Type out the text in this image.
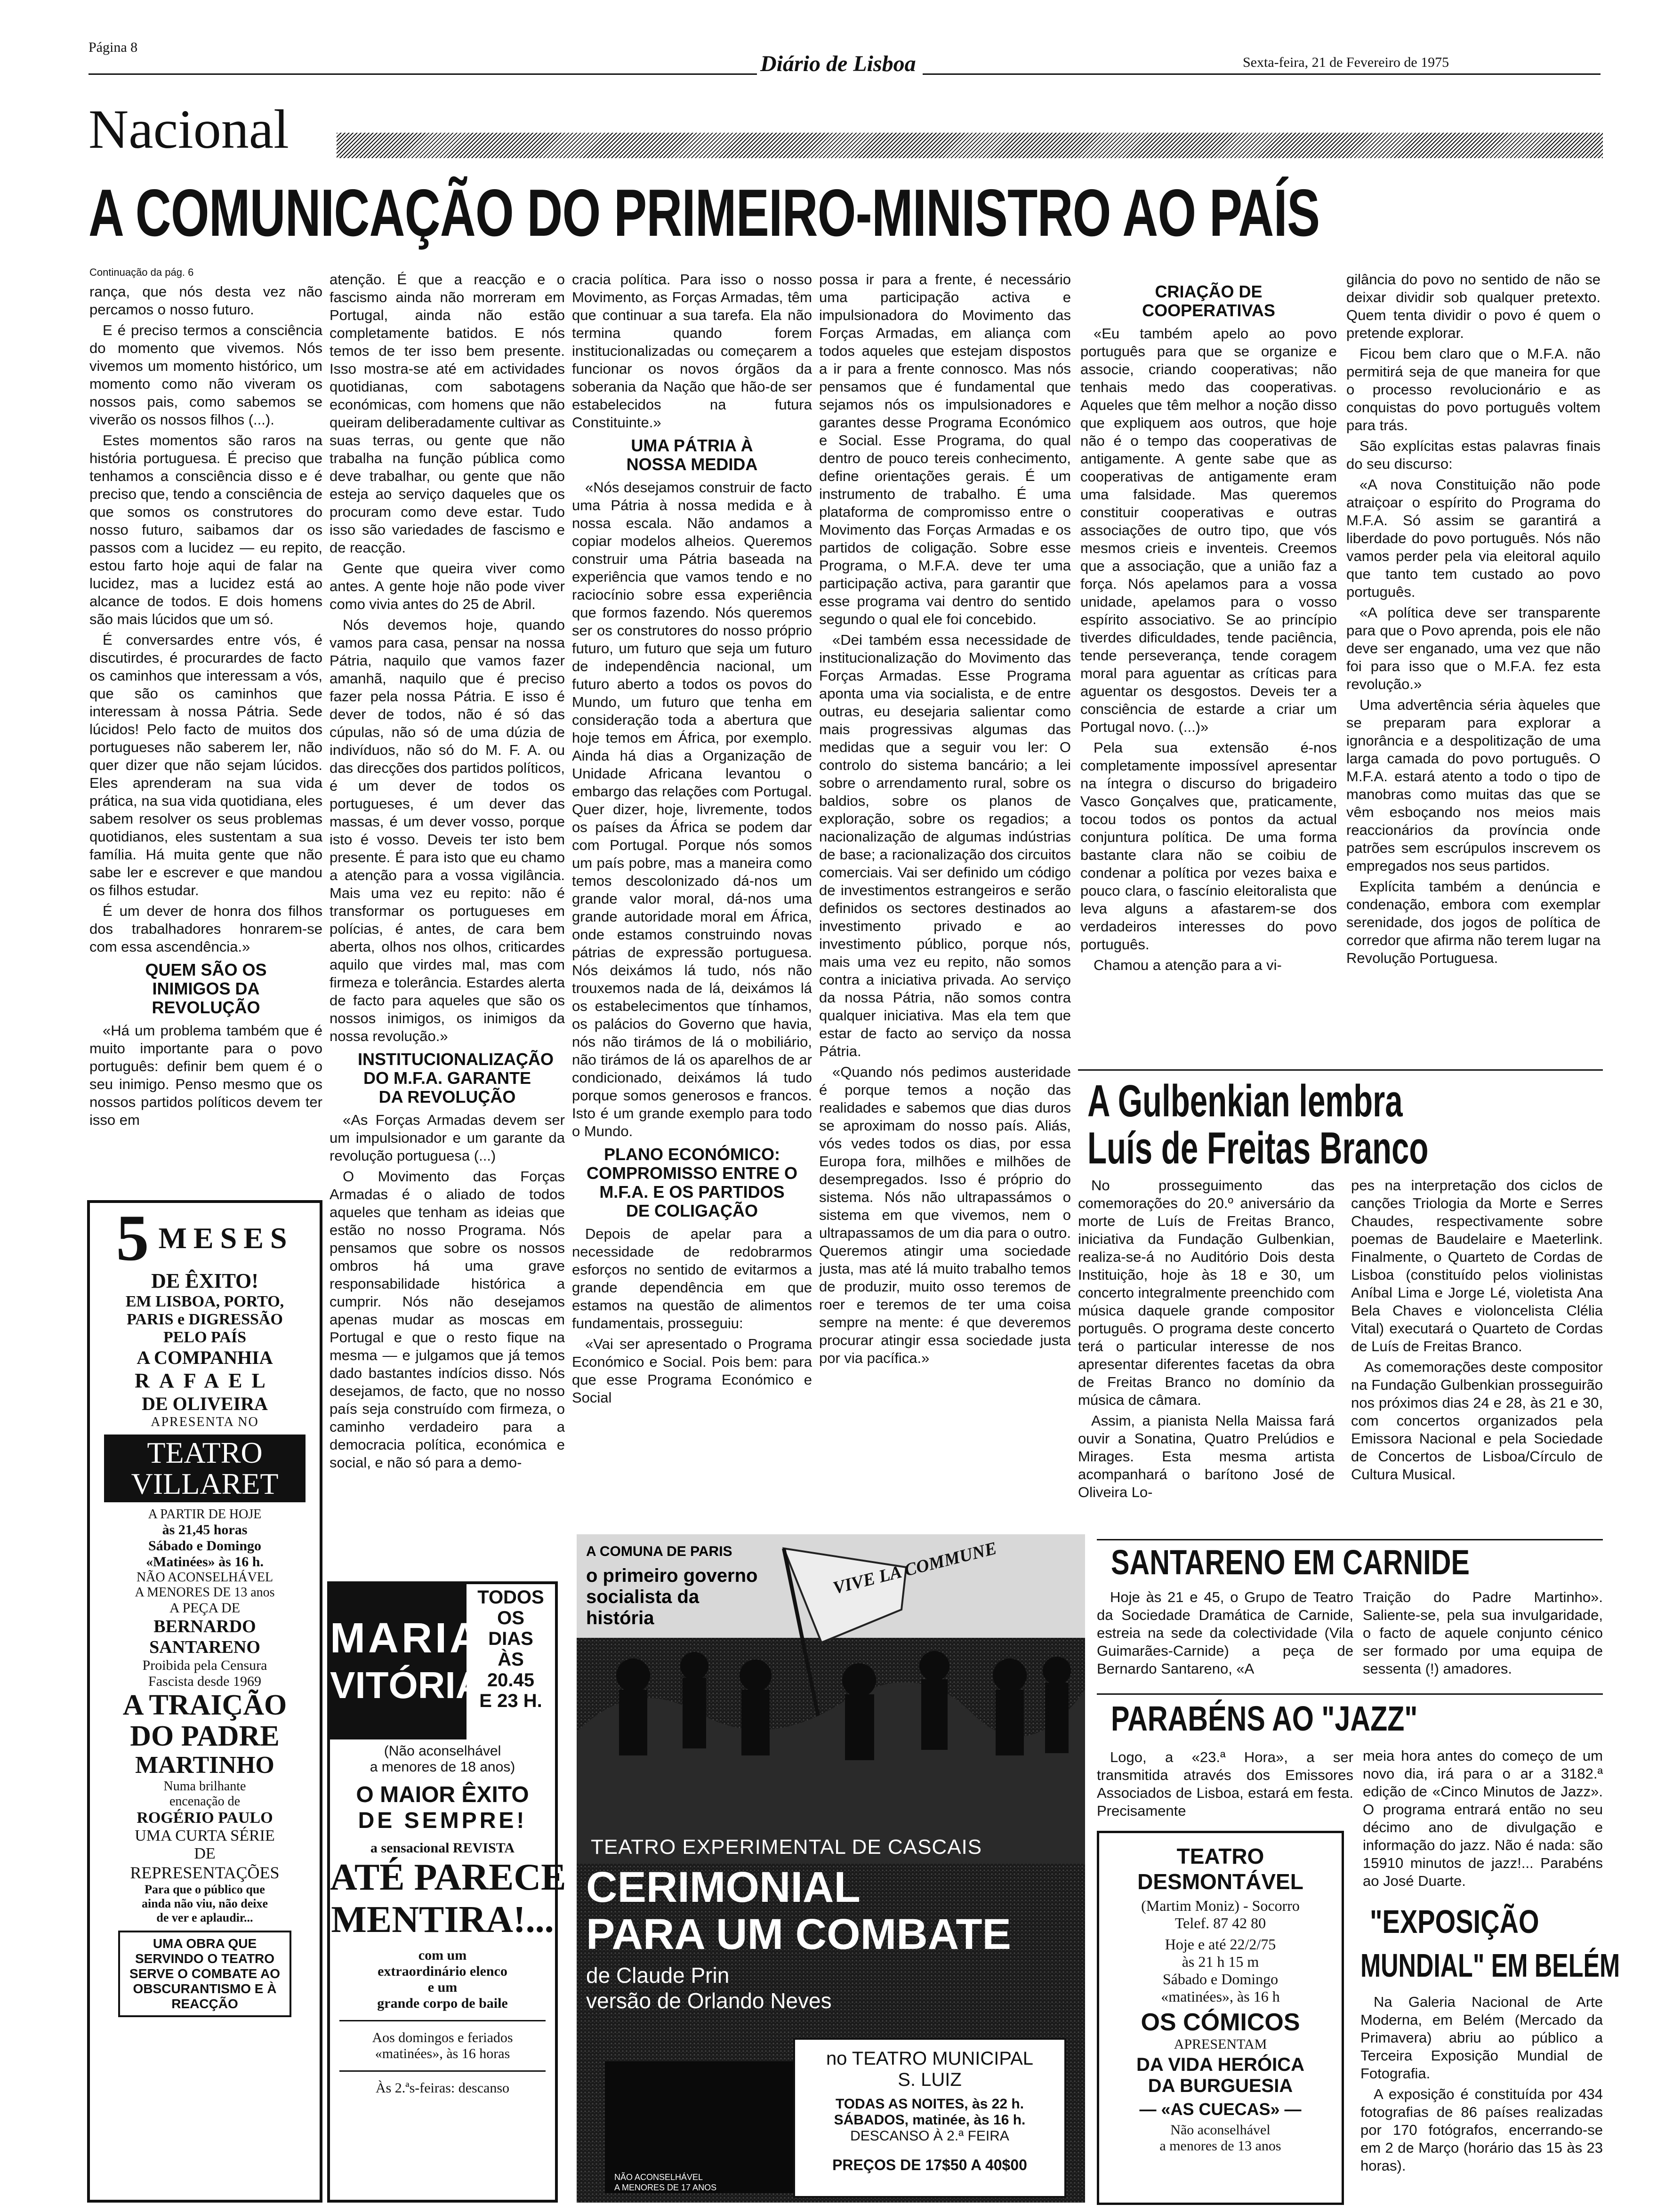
Página 8
Diário de Lisboa	Sexta-feira, 21 de Fevereiro de 1975
Nacional
A COMUNICAÇÃO DO PRIMEIRO-MINISTRO AO PAÍS
Continuação da pág. 6

rança, que nós desta vez não percamos o nosso futuro.

E é preciso termos a consciência do momento que vivemos. Nós vivemos um momento histórico, um momento como não viveram os nossos pais, como sabemos se viverão os nossos filhos (...).

Estes momentos são raros na história portuguesa. É preciso que tenhamos a consciência disso e é preciso que, tendo a consciência de que somos os construtores do nosso futuro, saibamos dar os passos com a lucidez — eu repito, estou farto hoje aqui de falar na lucidez, mas a lucidez está ao alcance de todos. E dois homens são mais lúcidos que um só.

É conversardes entre vós, é discutirdes, é procurardes de facto os caminhos que interessam a vós, que são os caminhos que interessam à nossa Pátria. Sede lúcidos! Pelo facto de muitos dos portugueses não saberem ler, não quer dizer que não sejam lúcidos. Eles aprenderam na sua vida prática, na sua vida quotidiana, eles sabem resolver os seus problemas quotidianos, eles sustentam a sua família. Há muita gente que não sabe ler e escrever e que mandou os filhos estudar.

É um dever de honra dos filhos dos trabalhadores honrarem-se com essa ascendência.»

QUEM SÃO OS INIMIGOS DA REVOLUÇÃO

«Há um problema também que é muito importante para o povo português: definir bem quem é o seu inimigo. Penso mesmo que os nossos partidos políticos devem ter isso em

atenção. É que a reacção e o fascismo ainda não morreram em Portugal, ainda não estão completamente batidos. E nós temos de ter isso bem presente. Isso mostra-se até em actividades quotidianas, com sabotagens económicas, com homens que não queiram deliberadamente cultivar as suas terras, ou gente que não trabalha na função pública como deve trabalhar, ou gente que não esteja ao serviço daqueles que os procuram como deve estar. Tudo isso são variedades de fascismo e de reacção.

Gente que queira viver como antes. A gente hoje não pode viver como vivia antes do 25 de Abril.

Nós devemos hoje, quando vamos para casa, pensar na nossa Pátria, naquilo que vamos fazer amanhã, naquilo que é preciso fazer pela nossa Pátria. E isso é dever de todos, não é só das cúpulas, não só de uma dúzia de indivíduos, não só do M. F. A. ou das direcções dos partidos políticos, é um dever de todos os portugueses, é um dever das massas, é um dever vosso, porque isto é vosso. Deveis ter isto bem presente. É para isto que eu chamo a atenção para a vossa vigilância. Mais uma vez eu repito: não é transformar os portugueses em polícias, é antes, de cara bem aberta, olhos nos olhos, criticardes aquilo que virdes mal, mas com firmeza e tolerância. Estardes alerta de facto para aqueles que são os nossos inimigos, os inimigos da nossa revolução.»

INSTITUCIONALIZAÇÃO DO M.F.A. GARANTE DA REVOLUÇÃO

«As Forças Armadas devem ser um impulsionador e um garante da revolução portuguesa (...)

O Movimento das Forças Armadas é o aliado de todos aqueles que tenham as ideias que estão no nosso Programa. Nós pensamos que sobre os nossos ombros há uma grave responsabilidade histórica a cumprir. Nós não desejamos apenas mudar as moscas em Portugal e que o resto fique na mesma — e julgamos que já temos dado bastantes indícios disso. Nós desejamos, de facto, que no nosso país seja construído com firmeza, o caminho verdadeiro para a democracia política, económica e social, e não só para a demo-

cracia política. Para isso o nosso Movimento, as Forças Armadas, têm que continuar a sua tarefa. Ela não termina quando forem institucionalizadas ou começarem a funcionar os novos órgãos da soberania da Nação que hão-de ser estabelecidos na futura Constituinte.»

UMA PÁTRIA À NOSSA MEDIDA

«Nós desejamos construir de facto uma Pátria à nossa medida e à nossa escala. Não andamos a copiar modelos alheios. Queremos construir uma Pátria baseada na experiência que vamos tendo e no raciocínio sobre essa experiência que formos fazendo. Nós queremos ser os construtores do nosso próprio futuro, um futuro que seja um futuro de independência nacional, um futuro aberto a todos os povos do Mundo, um futuro que tenha em consideração toda a abertura que hoje temos em África, por exemplo. Ainda há dias a Organização de Unidade Africana levantou o embargo das relações com Portugal. Quer dizer, hoje, livremente, todos os países da África se podem dar com Portugal. Porque nós somos um país pobre, mas a maneira como temos descolonizado dá-nos um grande valor moral, dá-nos uma grande autoridade moral em África, onde estamos construindo novas pátrias de expressão portuguesa. Nós deixámos lá tudo, nós não trouxemos nada de lá, deixámos lá os estabelecimentos que tínhamos, os palácios do Governo que havia, nós não tirámos de lá o mobiliário, não tirámos de lá os aparelhos de ar condicionado, deixámos lá tudo porque somos generosos e francos. Isto é um grande exemplo para todo o Mundo.

PLANO ECONÓMICO: COMPROMISSO ENTRE O M.F.A. E OS PARTIDOS DE COLIGAÇÃO

Depois de apelar para a necessidade de redobrarmos esforços no sentido de evitarmos a grande dependência em que estamos na questão de alimentos fundamentais, prosseguiu:

«Vai ser apresentado o Programa Económico e Social. Pois bem: para que esse Programa Económico e Social

possa ir para a frente, é necessário uma participação activa e impulsionadora do Movimento das Forças Armadas, em aliança com todos aqueles que estejam dispostos a ir para a frente connosco. Mas nós pensamos que é fundamental que sejamos nós os impulsionadores e garantes desse Programa Económico e Social. Esse Programa, do qual dentro de pouco tereis conhecimento, define orientações gerais. É um instrumento de trabalho. É uma plataforma de compromisso entre o Movimento das Forças Armadas e os partidos de coligação. Sobre esse Programa, o M.F.A. deve ter uma participação activa, para garantir que esse programa vai dentro do sentido segundo o qual ele foi concebido.

«Dei também essa necessidade de institucionalização do Movimento das Forças Armadas. Esse Programa aponta uma via socialista, e de entre outras, eu desejaria salientar como mais progressivas algumas das medidas que a seguir vou ler: O controlo do sistema bancário; a lei sobre o arrendamento rural, sobre os baldios, sobre os planos de exploração, sobre os regadios; a nacionalização de algumas indústrias de base; a racionalização dos circuitos comerciais. Vai ser definido um código de investimentos estrangeiros e serão definidos os sectores destinados ao investimento privado e ao investimento público, porque nós, mais uma vez eu repito, não somos contra a iniciativa privada. Ao serviço da nossa Pátria, não somos contra qualquer iniciativa. Mas ela tem que estar de facto ao serviço da nossa Pátria.

«Quando nós pedimos austeridade é porque temos a noção das realidades e sabemos que dias duros se aproximam do nosso país. Aliás, vós vedes todos os dias, por essa Europa fora, milhões e milhões de desempregados. Isso é próprio do sistema. Nós não ultrapassámos o sistema em que vivemos, nem o ultrapassamos de um dia para o outro. Queremos atingir uma sociedade justa, mas até lá muito trabalho temos de produzir, muito osso teremos de roer e teremos de ter uma coisa sempre na mente: é que deveremos procurar atingir essa sociedade justa por via pacífica.»

CRIAÇÃO DE COOPERATIVAS

«Eu também apelo ao povo português para que se organize e associe, criando cooperativas; não tenhais medo das cooperativas. Aqueles que têm melhor a noção disso que expliquem aos outros, que hoje não é o tempo das cooperativas de antigamente. A gente sabe que as cooperativas de antigamente eram uma falsidade. Mas queremos constituir cooperativas e outras associações de outro tipo, que vós mesmos crieis e inventeis. Creemos que a associação, que a união faz a força. Nós apelamos para a vossa unidade, apelamos para o vosso espírito associativo. Se ao princípio tiverdes dificuldades, tende paciência, tende perseverança, tende coragem moral para aguentar as críticas para aguentar os desgostos. Deveis ter a consciência de estarde a criar um Portugal novo. (...)»

Pela sua extensão é-nos completamente impossível apresentar na íntegra o discurso do brigadeiro Vasco Gonçalves que, praticamente, tocou todos os pontos da actual conjuntura política. De uma forma bastante clara não se coibiu de condenar a política por vezes baixa e pouco clara, o fascínio eleitoralista que leva alguns a afastarem-se dos verdadeiros interesses do povo português.

Chamou a atenção para a vi-

gilância do povo no sentido de não se deixar dividir sob qualquer pretexto. Quem tenta dividir o povo é quem o pretende explorar.

Ficou bem claro que o M.F.A. não permitirá seja de que maneira for que o processo revolucionário e as conquistas do povo português voltem para trás.

São explícitas estas palavras finais do seu discurso:

«A nova Constituição não pode atraiçoar o espírito do Programa do M.F.A. Só assim se garantirá a liberdade do povo português. Nós não vamos perder pela via eleitoral aquilo que tanto tem custado ao povo português.

«A política deve ser transparente para que o Povo aprenda, pois ele não deve ser enganado, uma vez que não foi para isso que o M.F.A. fez esta revolução.»

Uma advertência séria àqueles que se preparam para explorar a ignorância e a despolitização de uma larga camada do povo português. O M.F.A. estará atento a todo o tipo de manobras como muitas das que se vêm esboçando nos meios mais reaccionários da província onde patrões sem escrúpulos inscrevem os empregados nos seus partidos.

Explícita também a denúncia e condenação, embora com exemplar serenidade, dos jogos de política de corredor que afirma não terem lugar na Revolução Portuguesa.

A Gulbenkian lembra
Luís de Freitas Branco

No prosseguimento das comemorações do 20.º aniversário da morte de Luís de Freitas Branco, iniciativa da Fundação Gulbenkian, realiza-se-á no Auditório Dois desta Instituição, hoje às 18 e 30, um concerto integralmente preenchido com música daquele grande compositor português. O programa deste concerto terá o particular interesse de nos apresentar diferentes facetas da obra de Freitas Branco no domínio da música de câmara.

Assim, a pianista Nella Maissa fará ouvir a Sonatina, Quatro Prelúdios e Mirages. Esta mesma artista acompanhará o barítono José de Oliveira Lo-

pes na interpretação dos ciclos de canções Triologia da Morte e Serres Chaudes, respectivamente sobre poemas de Baudelaire e Maeterlink. Finalmente, o Quarteto de Cordas de Lisboa (constituído pelos violinistas Aníbal Lima e Jorge Lé, violetista Ana Bela Chaves e violoncelista Clélia Vital) executará o Quarteto de Cordas de Luís de Freitas Branco.

As comemorações deste compositor na Fundação Gulbenkian prosseguirão nos próximos dias 24 e 28, às 21 e 30, com concertos organizados pela Emissora Nacional e pela Sociedade de Concertos de Lisboa/Círculo de Cultura Musical.

SANTARENO EM CARNIDE

Hoje às 21 e 45, o Grupo de Teatro da Sociedade Dramática de Carnide, estreia na sede da colectividade (Vila Guimarães-Carnide) a peça de Bernardo Santareno, «A

Traição do Padre Martinho». Saliente-se, pela sua invulgaridade, o facto de aquele conjunto cénico ser formado por uma equipa de sessenta (!) amadores.

PARABÉNS AO "JAZZ"

Logo, a «23.ª Hora», a ser transmitida através dos Emissores Associados de Lisboa, estará em festa. Precisamente

meia hora antes do começo de um novo dia, irá para o ar a 3182.ª edição de «Cinco Minutos de Jazz». O programa entrará então no seu décimo ano de divulgação e informação do jazz. Não é nada: são 15910 minutos de jazz!... Parabéns ao José Duarte.

"EXPOSIÇÃO
MUNDIAL" EM BELÉM

Na Galeria Nacional de Arte Moderna, em Belém (Mercado da Primavera) abriu ao público a Terceira Exposição Mundial de Fotografia.

A exposição é constituída por 434 fotografias de 86 países realizadas por 170 fotógrafos, encerrando-se em 2 de Março (horário das 15 às 23 horas).

TEATRO
DESMONTÁVEL
(Martim Moniz) - Socorro
Telef. 87 42 80
Hoje e até 22/2/75
às 21 h 15 m
Sábado e Domingo
«matinées», às 16 h
OS CÓMICOS
APRESENTAM
DA VIDA HERÓICA
DA BURGUESIA
— «AS CUECAS» —
Não aconselhável
a menores de 13 anos
5 MESES
DE ÊXITO!
EM LISBOA, PORTO,
PARIS e DIGRESSÃO
PELO PAÍS
A COMPANHIA
RAFAEL
DE OLIVEIRA
APRESENTA NO
TEATRO
VILLARET
A PARTIR DE HOJE
às 21,45 horas
Sábado e Domingo
«Matinées» às 16 h.
NÃO ACONSELHÁVEL
A MENORES DE 13 anos
A PEÇA DE
BERNARDO
SANTARENO
Proibida pela Censura
Fascista desde 1969
A TRAIÇÃO
DO PADRE
MARTINHO
Numa brilhante
encenação de
ROGÉRIO PAULO
UMA CURTA SÉRIE
DE
REPRESENTAÇÕES
Para que o público que
ainda não viu, não deixe
de ver e aplaudir...
UMA OBRA QUE SERVINDO O TEATRO SERVE O COMBATE AO OBSCURANTISMO E À REACÇÃO
MARIA
VITÓRIA
TODOS
OS
DIAS
ÀS
20.45
E 23 H.
(Não aconselhável
a menores de 18 anos)
O MAIOR ÊXITO
DE SEMPRE!
a sensacional REVISTA
ATÉ PARECE
MENTIRA!...
com um
extraordinário elenco
e um
grande corpo de baile
Aos domingos e feriados
«matinées», às 16 horas
Às 2.ªs-feiras: descanso
A COMUNA DE PARIS
o primeiro governo
socialista da história
VIVE LA COMMUNE
TEATRO EXPERIMENTAL DE CASCAIS
CERIMONIAL
PARA UM COMBATE
de Claude Prin
versão de Orlando Neves
no TEATRO MUNICIPAL
S. LUIZ
TODAS AS NOITES, às 22 h.
SÁBADOS, matinée, às 16 h.
DESCANSO À 2.ª FEIRA
PREÇOS DE 17$50 A 40$00
NÃO ACONSELHÁVEL
A MENORES DE 17 ANOS
